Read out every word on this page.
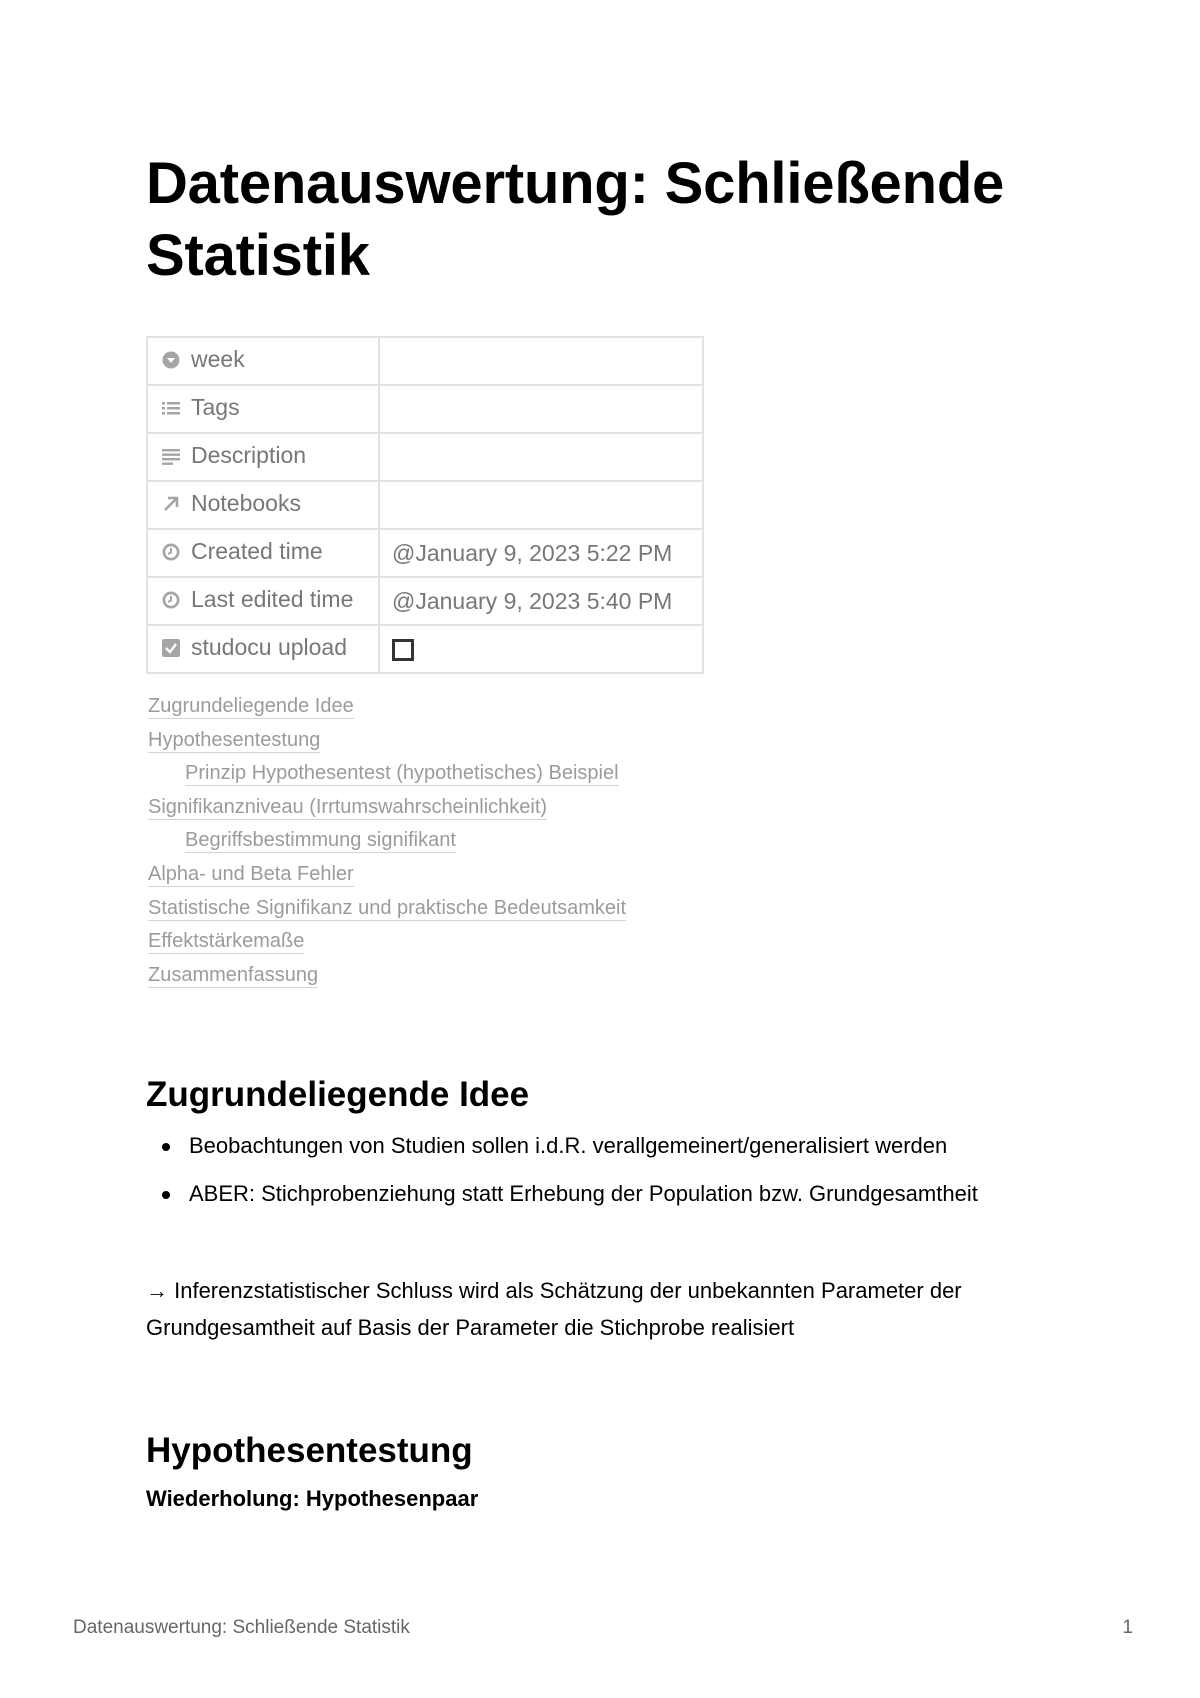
Datenauswertung: Schließende Statistik
week	

Tags	

Description	

Notebooks	

Created time	@January 9, 2023 5:22 PM

Last edited time	@January 9, 2023 5:40 PM

studocu upload	

Zugrundeliegende Idee
Hypothesentestung
Prinzip Hypothesentest (hypothetisches) Beispiel
Signifikanzniveau (Irrtumswahrscheinlichkeit)
Begriffsbestimmung signifikant
Alpha- und Beta Fehler
Statistische Signifikanz und praktische Bedeutsamkeit
Effektstärkemaße
Zusammenfassung
Zugrundeliegende Idee
Beobachtungen von Studien sollen i.d.R. verallgemeinert/generalisiert werden
ABER: Stichprobenziehung statt Erhebung der Population bzw. Grundgesamtheit

→ Inferenzstatistischer Schluss wird als Schätzung der unbekannten Parameter der Grundgesamtheit auf Basis der Parameter die Stichprobe realisiert

Hypothesentestung

Wiederholung: Hypothesenpaar

Datenauswertung: Schließende Statistik	1
